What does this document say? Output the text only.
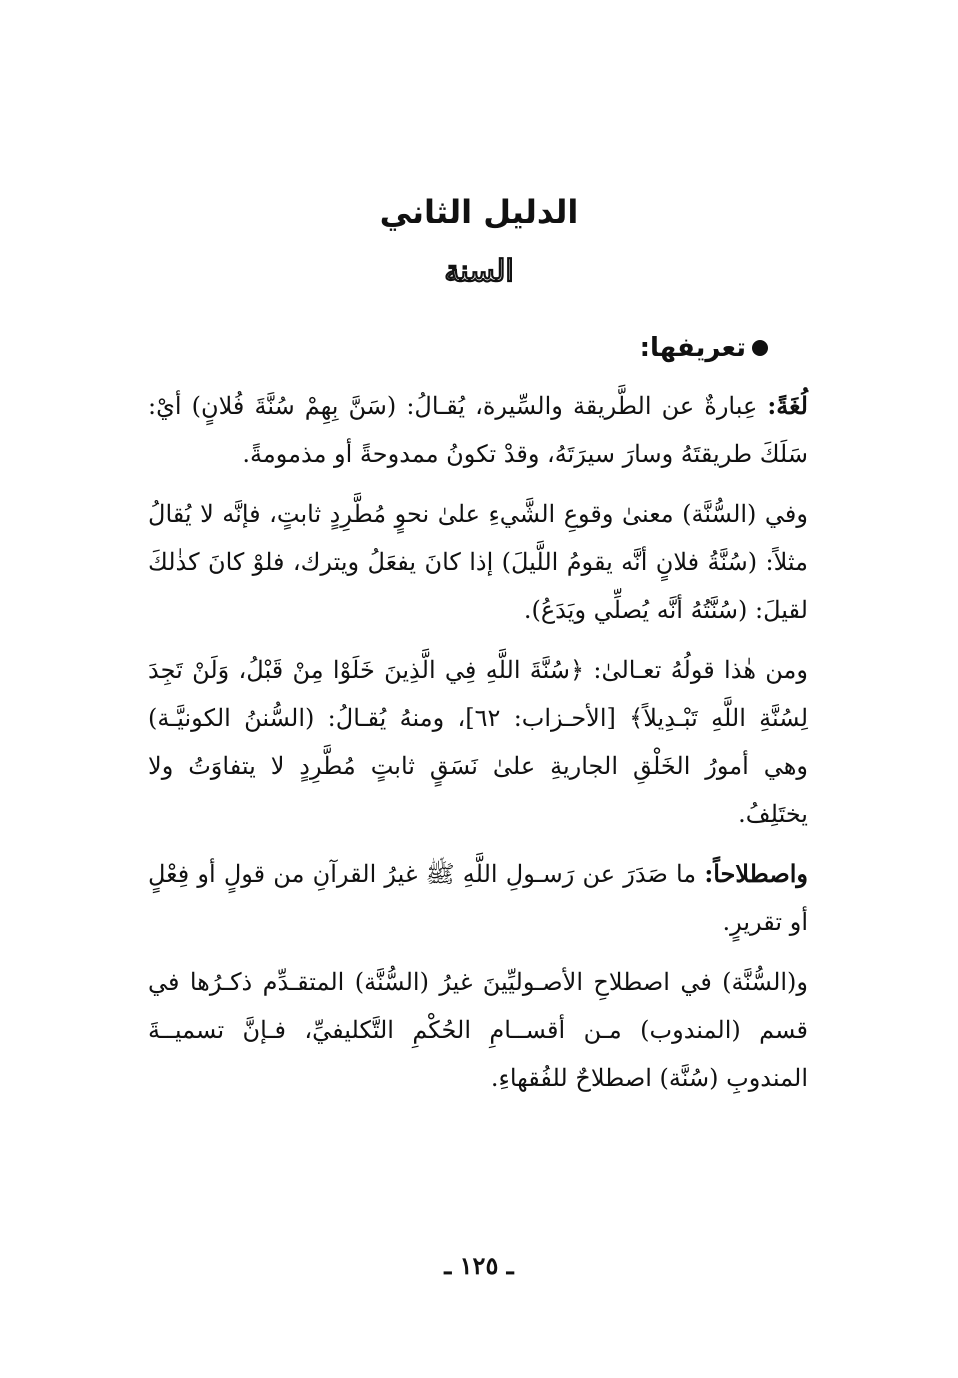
الدليل الثاني
السنة
تعريفها:

لُغَةً: عِبارةٌ عن الطَّريقة والسِّيرة، يُقـالُ: (سَنَّ بِهِمْ سُنَّةَ فُلانٍ) أيْ: سَلَكَ طريقتَهُ وسارَ سيرَتَهُ، وقدْ تكونُ ممدوحةً أو مذمومةً.

وفي (السُّنَّة) معنىٰ وقوعِ الشَّيءِ علىٰ نحوٍ مُطَّرِدٍ ثابتٍ، فإنَّه لا يُقالُ مثلاً: (سُنَّةُ فلانٍ أنَّه يقومُ اللَّيلَ) إذا كانَ يفعَلُ ويترك، فلوْ كانَ كذٰلكَ لقيلَ: (سُنَّتُهُ أنَّه يُصلِّي ويَدَعُ).

ومن هٰذا قولُهُ تعـالىٰ: ﴿سُنَّةَ اللَّهِ فِي الَّذِينَ خَلَوْا مِنْ قَبْلُ، وَلَنْ تَجِدَ لِسُنَّةِ اللَّهِ تَبْـدِيلاً﴾ [الأحـزاب: ٦٢]، ومنهُ يُقـالُ: (السُّننُ الكونيَّـة) وهي أمورُ الخَلْقِ الجاريةِ علىٰ نَسَقٍ ثابتٍ مُطَّرِدٍ لا يتفاوَتُ ولا يختَلِفُ.

واصطلاحاً: ما صَدَرَ عن رَسـولِ اللَّهِ ﷺ غيرُ القرآنِ من قولٍ أو فِعْلٍ أو تقريرٍ.

و(السُّنَّة) في اصطلاحِ الأصـوليِّينَ غيرُ (السُّنَّة) المتقـدِّم ذكـرُها في قسم (المندوب) مـن أقســامِ الحُكْمِ التَّكليفيِّ، فـإنَّ تسميــةَ المندوبِ (سُنَّة) اصطلاحٌ للفُقهاءِ.

ـ ١٢٥ ـ
